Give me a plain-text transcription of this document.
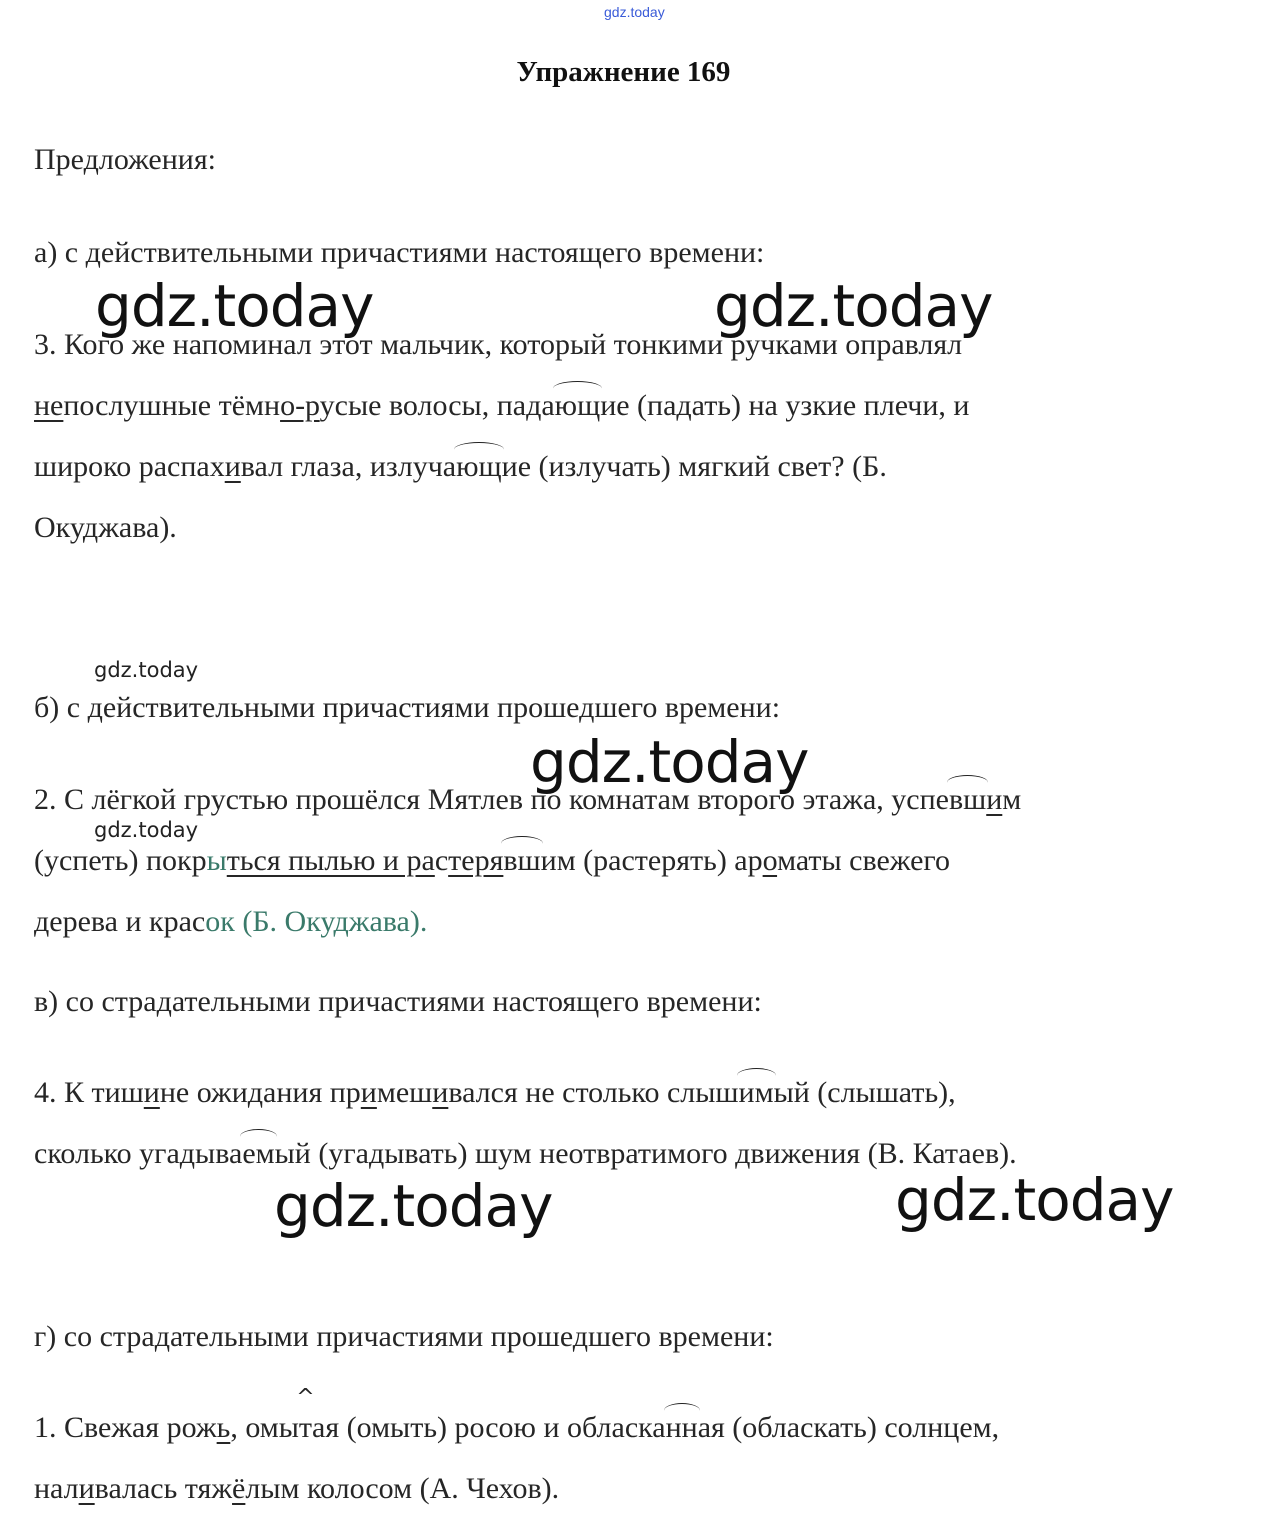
gdz.today
Упражнение 169
Предложения:
а) с действительными причастиями настоящего времени:
3. Кого же напоминал этот мальчик, который тонкими ручками оправлял
непослушные тёмно-русые волосы, падающие (падать) на узкие плечи, и
широко распахивал глаза, излучающие (излучать) мягкий свет? (Б.
Окуджава).
б) с действительными причастиями прошедшего времени:
2. С лёгкой грустью прошёлся Мятлев по комнатам второго этажа, успевшим
(успеть) покрыться пылью и растерявшим (растерять) ароматы свежего
дерева и красок (Б. Окуджава).
в) со страдательными причастиями настоящего времени:
4. К тишине ожидания примешивался не столько слышимый (слышать),
сколько угадываемый (угадывать) шум неотвратимого движения (В. Катаев).
г) со страдательными причастиями прошедшего времени:
1. Свежая рожь, омы^ тая (омыть) росою и обласканная (обласкать) солнцем,
наливалась тяжёлым колосом (А. Чехов).
gdz.today	gdz.today
gdz.today
gdz.today
gdz.today
gdz.today	gdz.today
